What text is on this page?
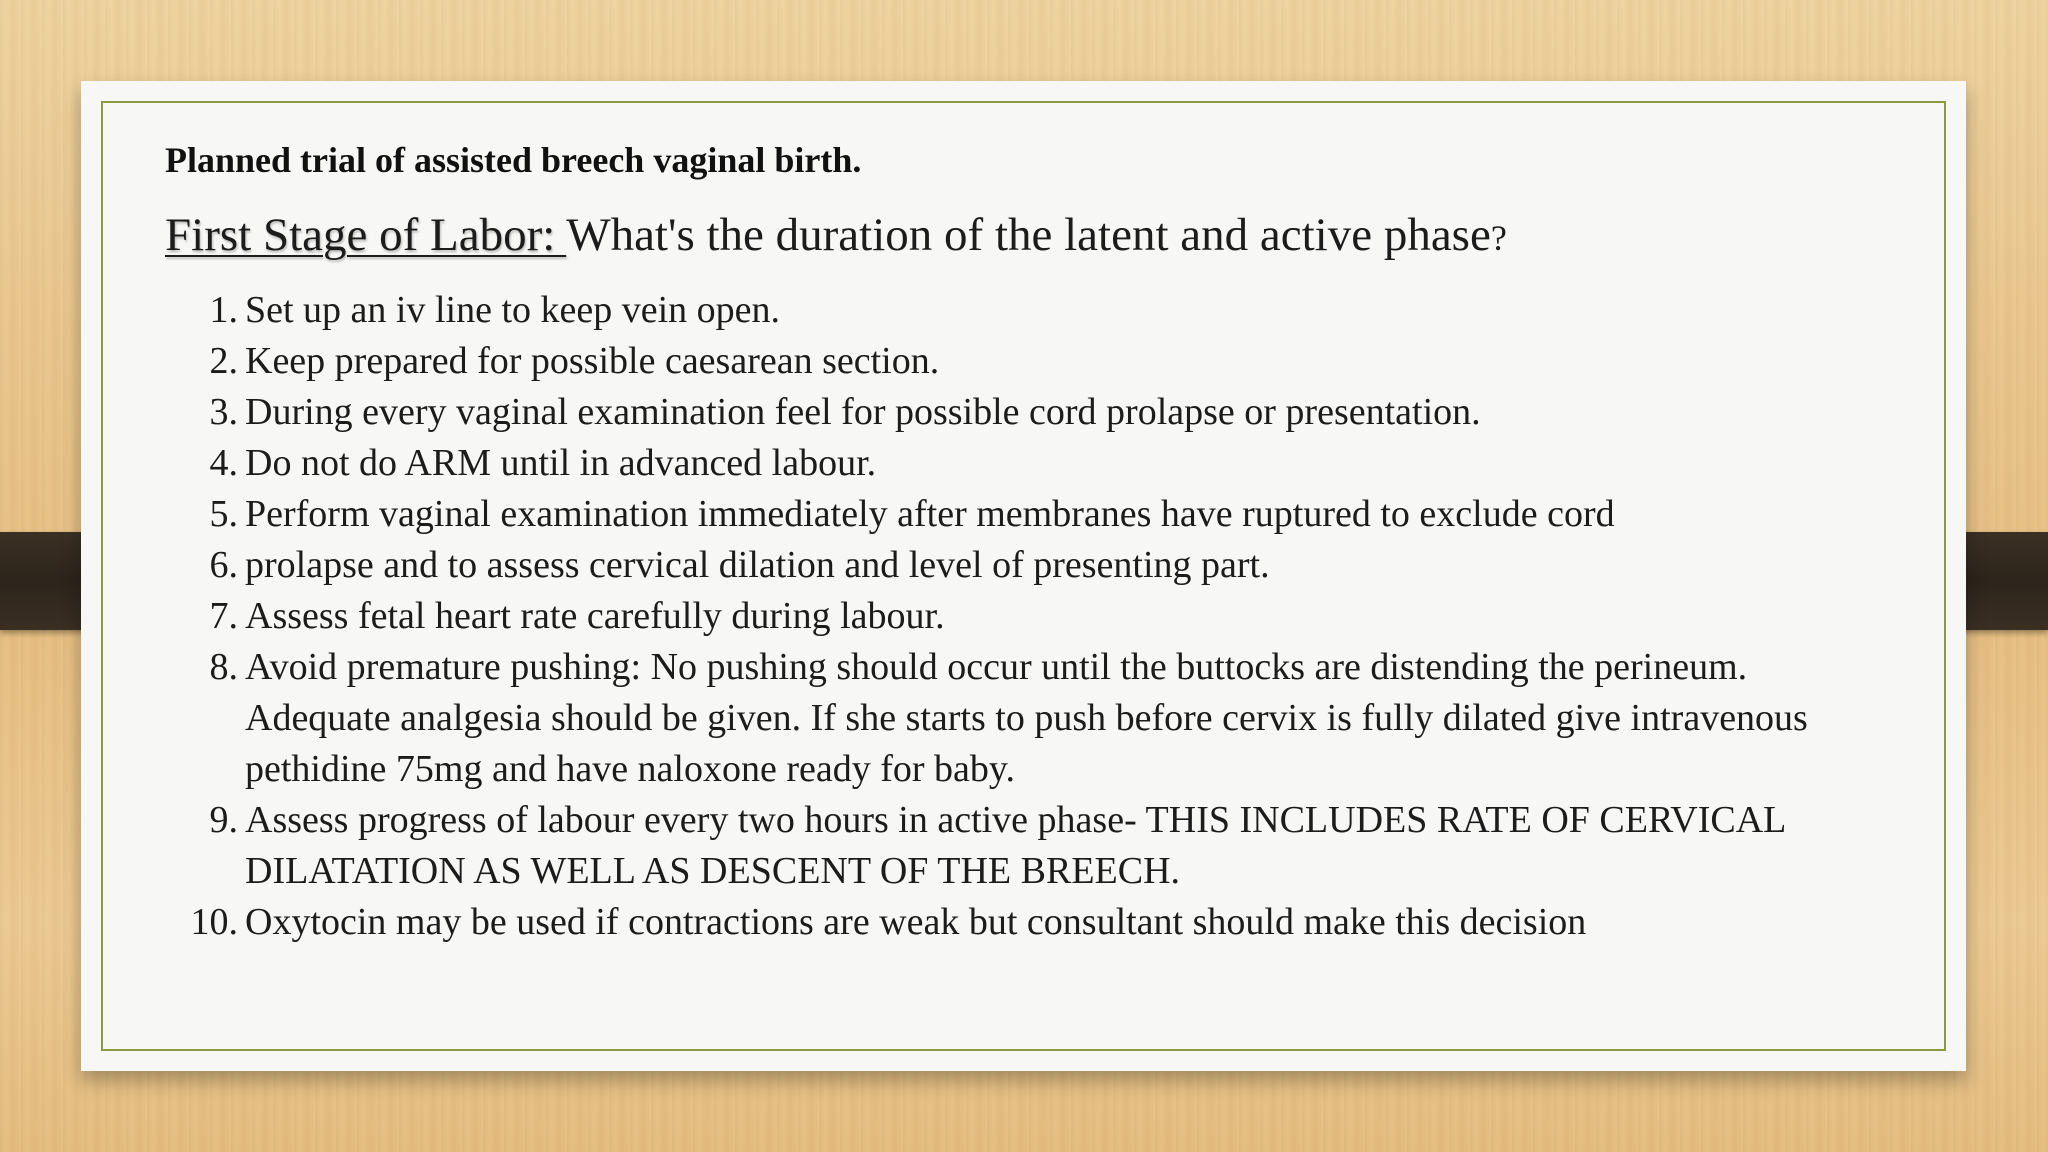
Planned trial of assisted breech vaginal birth.
First Stage of Labor: What's the duration of the latent and active phase?
1. Set up an iv line to keep vein open.
2. Keep prepared for possible caesarean section.
3. During every vaginal examination feel for possible cord prolapse or presentation.
4. Do not do ARM until in advanced labour.
5. Perform vaginal examination immediately after membranes have ruptured to exclude cord
6. prolapse and to assess cervical dilation and level of presenting part.
7. Assess fetal heart rate carefully during labour.
8. Avoid premature pushing: No pushing should occur until the buttocks are distending the perineum. Adequate analgesia should be given. If she starts to push before cervix is fully dilated give intravenous pethidine 75mg and have naloxone ready for baby.
9. Assess progress of labour every two hours in active phase- THIS INCLUDES RATE OF CERVICAL DILATATION AS WELL AS DESCENT OF THE BREECH.
10. Oxytocin may be used if contractions are weak but consultant should make this decision
